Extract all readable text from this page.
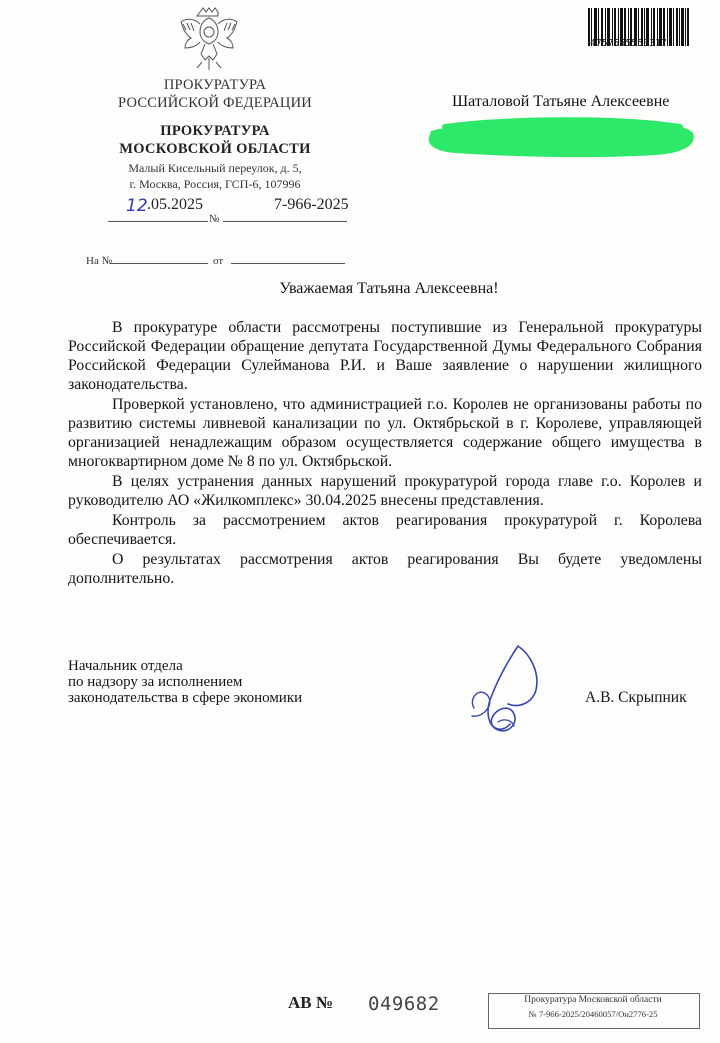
ПРОКУРАТУРА
РОССИЙСКОЙ ФЕДЕРАЦИИ
ПРОКУРАТУРА
МОСКОВСКОЙ ОБЛАСТИ
Малый Кисельный переулок, д. 5,
г. Москва, Россия, ГСП-6, 107996
12 .05.2025	7-966-2025
№
На №	от
4757555553317
Шаталовой Татьяне Алексеевне
Уважаемая Татьяна Алексеевна!

В прокуратуре области рассмотрены поступившие из Генеральной прокуратуры Российской Федерации обращение депутата Государственной Думы Федерального Собрания Российской Федерации Сулейманова Р.И. и Ваше заявление о нарушении жилищного законодательства.

Проверкой установлено, что администрацией г.о. Королев не организованы работы по развитию системы ливневой канализации по ул. Октябрьской в г. Королеве, управляющей организацией ненадлежащим образом осуществляется содержание общего имущества в многоквартирном доме № 8 по ул. Октябрьской.

В целях устранения данных нарушений прокуратурой города главе г.о. Королев и руководителю АО «Жилкомплекс» 30.04.2025 внесены представления.

Контроль за рассмотрением актов реагирования прокуратурой г. Королева обеспечивается.

О результатах рассмотрения актов реагирования Вы будете уведомлены дополнительно.

Начальник отдела
по надзору за исполнением
законодательства в сфере экономики	А.В. Скрыпник
АВ № 049682	Прокуратура Московской области
№ 7-966-2025/20460057/Он2776-25
